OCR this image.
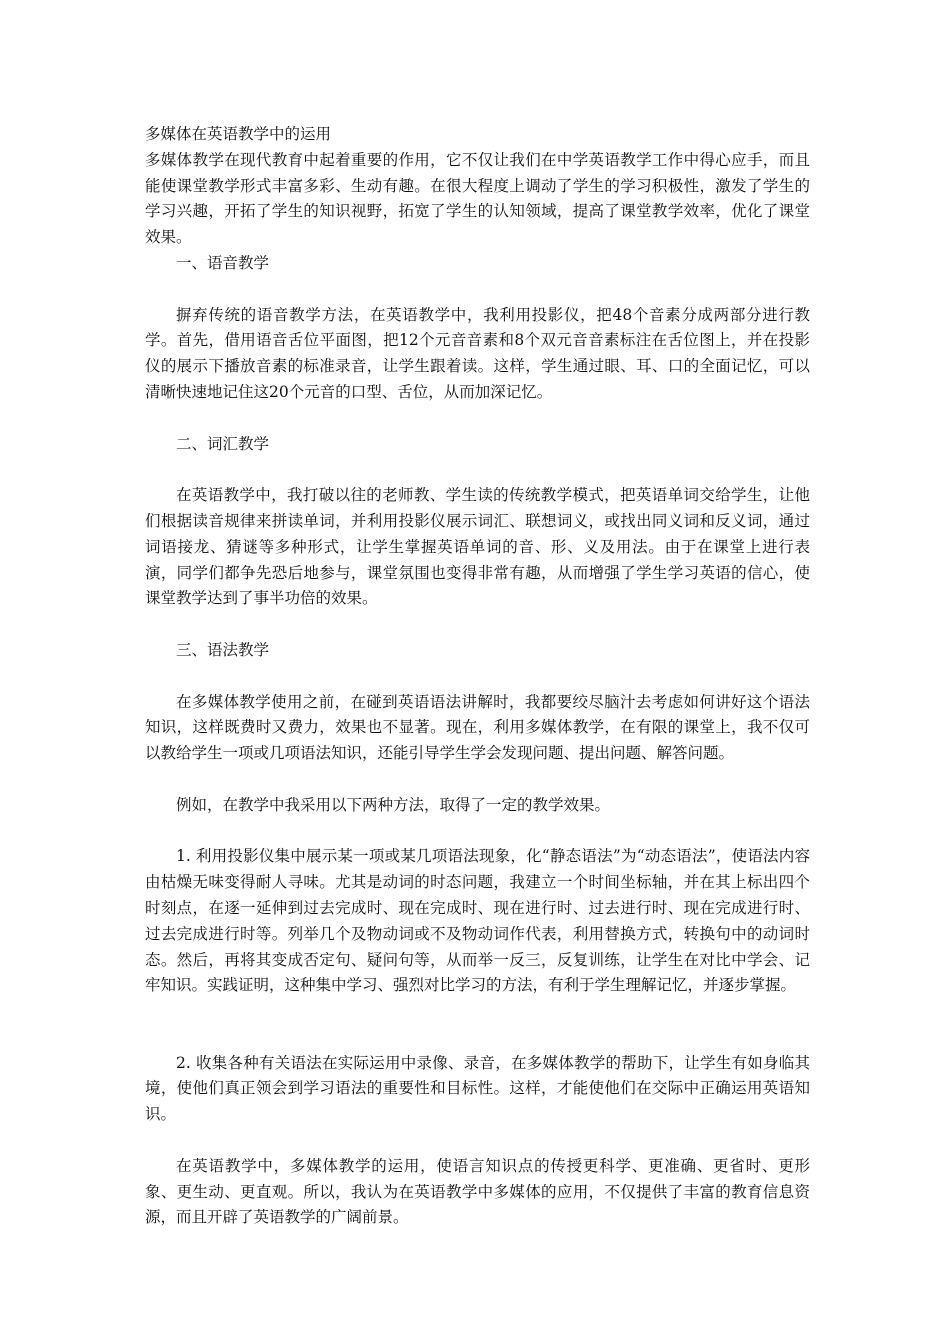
多媒体在英语教学中的运用

多媒体教学在现代教育中起着重要的作用，它不仅让我们在中学英语教学工作中得心应手，而且能使课堂教学形式丰富多彩、生动有趣。在很大程度上调动了学生的学习积极性，激发了学生的学习兴趣，开拓了学生的知识视野，拓宽了学生的认知领域，提高了课堂教学效率，优化了课堂效果。

一、语音教学

摒弃传统的语音教学方法，在英语教学中，我利用投影仪，把48个音素分成两部分进行教学。首先，借用语音舌位平面图，把12个元音音素和8个双元音音素标注在舌位图上，并在投影仪的展示下播放音素的标准录音，让学生跟着读。这样，学生通过眼、耳、口的全面记忆，可以清晰快速地记住这20个元音的口型、舌位，从而加深记忆。

二、词汇教学

在英语教学中，我打破以往的老师教、学生读的传统教学模式，把英语单词交给学生，让他们根据读音规律来拼读单词，并利用投影仪展示词汇、联想词义，或找出同义词和反义词，通过词语接龙、猜谜等多种形式，让学生掌握英语单词的音、形、义及用法。由于在课堂上进行表演，同学们都争先恐后地参与，课堂氛围也变得非常有趣，从而增强了学生学习英语的信心，使课堂教学达到了事半功倍的效果。

三、语法教学

在多媒体教学使用之前，在碰到英语语法讲解时，我都要绞尽脑汁去考虑如何讲好这个语法知识，这样既费时又费力，效果也不显著。现在，利用多媒体教学，在有限的课堂上，我不仅可以教给学生一项或几项语法知识，还能引导学生学会发现问题、提出问题、解答问题。

例如，在教学中我采用以下两种方法，取得了一定的教学效果。

1. 利用投影仪集中展示某一项或某几项语法现象，化“静态语法”为“动态语法”，使语法内容由枯燥无味变得耐人寻味。尤其是动词的时态问题，我建立一个时间坐标轴，并在其上标出四个时刻点，在逐一延伸到过去完成时、现在完成时、现在进行时、过去进行时、现在完成进行时、过去完成进行时等。列举几个及物动词或不及物动词作代表，利用替换方式，转换句中的动词时态。然后，再将其变成否定句、疑问句等，从而举一反三，反复训练，让学生在对比中学会、记牢知识。实践证明，这种集中学习、强烈对比学习的方法，有利于学生理解记忆，并逐步掌握。

2. 收集各种有关语法在实际运用中录像、录音，在多媒体教学的帮助下，让学生有如身临其境，使他们真正领会到学习语法的重要性和目标性。这样，才能使他们在交际中正确运用英语知识。

在英语教学中，多媒体教学的运用，使语言知识点的传授更科学、更准确、更省时、更形象、更生动、更直观。所以，我认为在英语教学中多媒体的应用，不仅提供了丰富的教育信息资源，而且开辟了英语教学的广阔前景。
